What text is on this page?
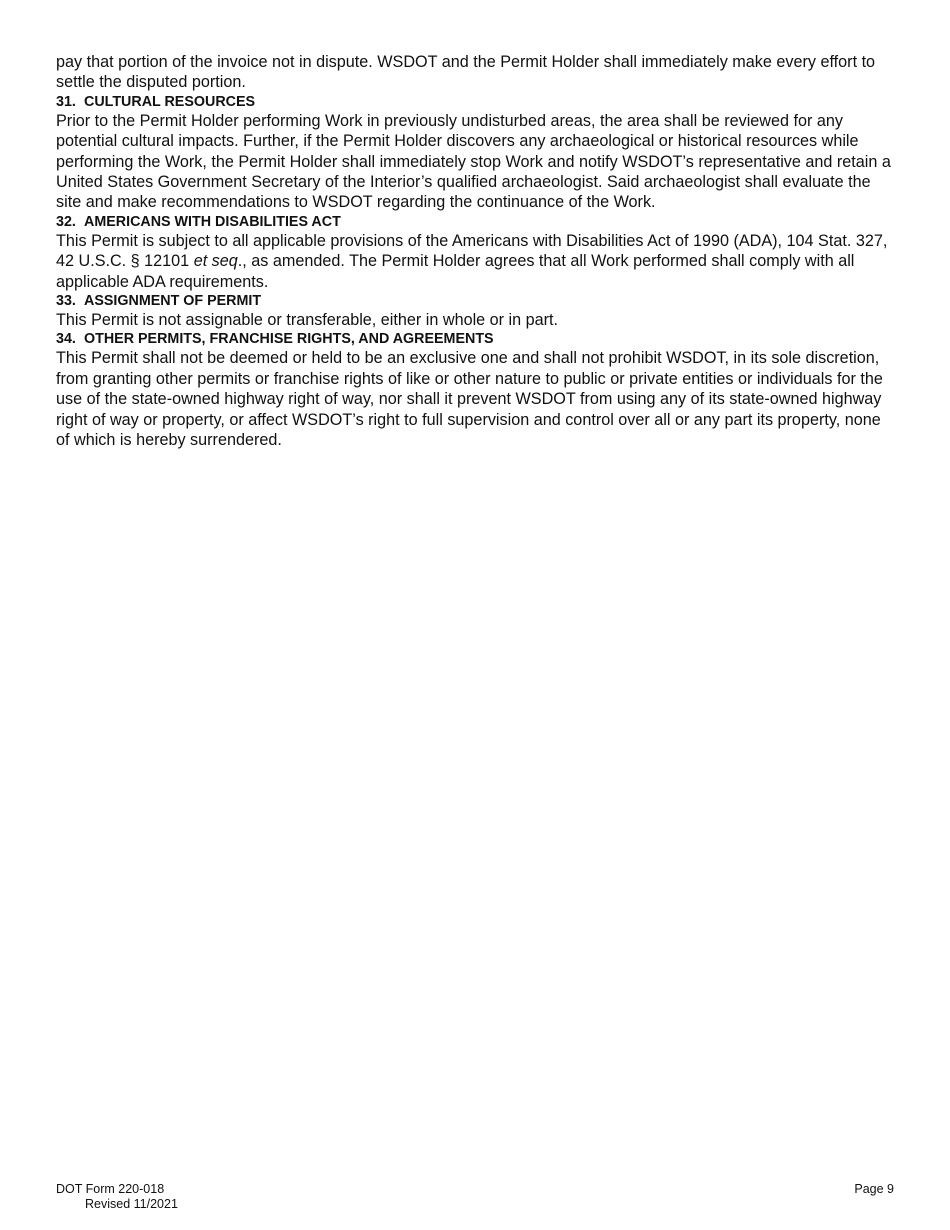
pay that portion of the invoice not in dispute. WSDOT and the Permit Holder shall immediately make every effort to settle the disputed portion.

31. CULTURAL RESOURCES

Prior to the Permit Holder performing Work in previously undisturbed areas, the area shall be reviewed for any potential cultural impacts. Further, if the Permit Holder discovers any archaeological or historical resources while performing the Work, the Permit Holder shall immediately stop Work and notify WSDOT’s representative and retain a United States Government Secretary of the Interior’s qualified archaeologist. Said archaeologist shall evaluate the site and make recommendations to WSDOT regarding the continuance of the Work.

32. AMERICANS WITH DISABILITIES ACT

This Permit is subject to all applicable provisions of the Americans with Disabilities Act of 1990 (ADA), 104 Stat. 327, 42 U.S.C. § 12101 et seq., as amended. The Permit Holder agrees that all Work performed shall comply with all applicable ADA requirements.

33. ASSIGNMENT OF PERMIT

This Permit is not assignable or transferable, either in whole or in part.

34. OTHER PERMITS, FRANCHISE RIGHTS, AND AGREEMENTS

This Permit shall not be deemed or held to be an exclusive one and shall not prohibit WSDOT, in its sole discretion, from granting other permits or franchise rights of like or other nature to public or private entities or individuals for the use of the state-owned highway right of way, nor shall it prevent WSDOT from using any of its state-owned highway right of way or property, or affect WSDOT’s right to full supervision and control over all or any part its property, none of which is hereby surrendered.

DOT Form 220-018
Revised 11/2021
Page 9
